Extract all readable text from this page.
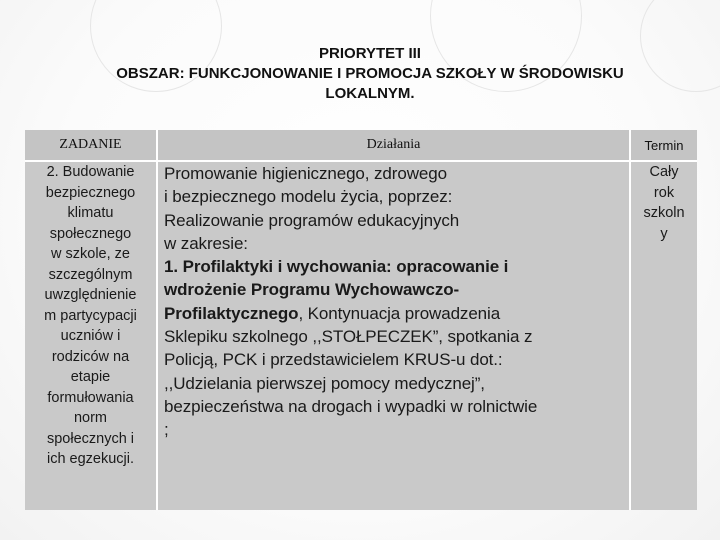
PRIORYTET III
OBSZAR: FUNKCJONOWANIE I PROMOCJA SZKOŁY W ŚRODOWISKU
LOKALNYM.
ZADANIE	Działania	Termin
2. Budowanie
bezpiecznego
klimatu
społecznego
w szkole, ze
szczególnym
uwzględnienie
m partycypacji
uczniów i
rodziców na
etapie
formułowania
norm
społecznych i
ich egzekucji.
Promowanie higienicznego, zdrowego
i bezpiecznego modelu życia, poprzez:
Realizowanie programów edukacyjnych
w zakresie:
1. Profilaktyki i wychowania: opracowanie i
wdrożenie Programu Wychowawczo-
Profilaktycznego, Kontynuacja prowadzenia
Sklepiku szkolnego ,,STOŁPECZEK”, spotkania z
Policją, PCK i przedstawicielem KRUS-u dot.:
,,Udzielania pierwszej pomocy medycznej”,
bezpieczeństwa na drogach i wypadki w rolnictwie
;
Cały
rok
szkoln
y
